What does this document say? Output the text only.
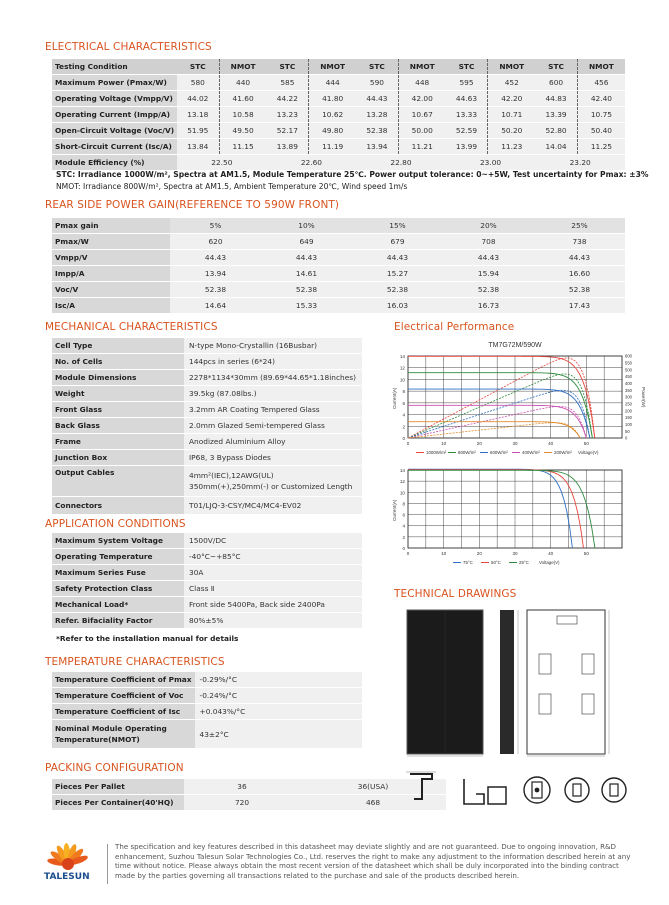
ELECTRICAL CHARACTERISTICS
Testing Condition	STC	NMOT	STC	NMOT	STC	NMOT	STC	NMOT	STC	NMOT
Maximum Power (Pmax/W)	580	440	585	444	590	448	595	452	600	456
Operating Voltage (Vmpp/V)	44.02	41.60	44.22	41.80	44.43	42.00	44.63	42.20	44.83	42.40
Operating Current (Impp/A)	13.18	10.58	13.23	10.62	13.28	10.67	13.33	10.71	13.39	10.75
Open-Circuit Voltage (Voc/V)	51.95	49.50	52.17	49.80	52.38	50.00	52.59	50.20	52.80	50.40
Short-Circuit Current (Isc/A)	13.84	11.15	13.89	11.19	13.94	11.21	13.99	11.23	14.04	11.25
Module Efficiency (%)	22.50		22.60		22.80		23.00		23.20	
STC: Irradiance 1000W/m², Spectra at AM1.5, Module Temperature 25℃. Power output tolerance: 0~+5W, Test uncertainty for Pmax: ±3%
NMOT: Irradiance 800W/m², Spectra at AM1.5, Ambient Temperature 20℃, Wind speed 1m/s
REAR SIDE POWER GAIN(REFERENCE TO 590W FRONT)
Pmax gain	5%	10%	15%	20%	25%
Pmax/W	620	649	679	708	738
Vmpp/V	44.43	44.43	44.43	44.43	44.43
Impp/A	13.94	14.61	15.27	15.94	16.60
Voc/V	52.38	52.38	52.38	52.38	52.38
Isc/A	14.64	15.33	16.03	16.73	17.43
MECHANICAL CHARACTERISTICS
Cell Type	N-type Mono-Crystallin (16Busbar)
No. of Cells	144pcs in series (6*24)
Module Dimensions	2278*1134*30mm (89.69*44.65*1.18inches)
Weight	39.5kg (87.08lbs.)
Front Glass	3.2mm AR Coating Tempered Glass
Back Glass	2.0mm Glazed Semi-tempered Glass
Frame	Anodized Aluminium Alloy
Junction Box	IP68, 3 Bypass Diodes
Output Cables	4mm²(IEC),12AWG(UL)
350mm(+),250mm(-) or Customized Length

Connectors	T01/LJQ-3-CSY/MC4/MC4-EV02
APPLICATION CONDITIONS
Maximum System Voltage	1500V/DC
Operating Temperature	-40°C~+85°C
Maximum Series Fuse	30A
Safety Protection Class	Class Ⅱ
Mechanical Load*	Front side 5400Pa, Back side 2400Pa
Refer. Bifaciality Factor	80%±5%
*Refer to the installation manual for details
TEMPERATURE CHARACTERISTICS
Temperature Coefficient of Pmax	-0.29%/°C
Temperature Coefficient of Voc	-0.24%/°C
Temperature Coefficient of Isc	+0.043%/°C

Nominal Module Operating
Temperature(NMOT)	43±2°C
PACKING CONFIGURATION
Pieces Per Pallet	36	36(USA)
Pieces Per Container(40'HQ)	720	468
Electrical Performance
TM7G72M/590W
0
2
4
6
8
10
12
14
0	10	20	30	40	50
Current(A)
0
50
100
150
200
250
300
350
400
450
500
550
600
Power(W)
1000W/m²	800W/m²	600W/m²	400W/m²	200W/m² Voltage(V)
0
2
4
6
8
10
12
14
0	10	20	30	40	50
Current(A)
75°C	50°C	25°C Voltage(V)
TECHNICAL DRAWINGS
TALESUN
The specification and key features described in this datasheet may deviate slightly and are not guaranteed. Due to ongoing innovation, R&D enhancement, Suzhou Talesun Solar Technologies Co., Ltd. reserves the right to make any adjustment to the information described herein at any time without notice. Please always obtain the most recent version of the datasheet which shall be duly incorporated into the binding contract made by the parties governing all transactions related to the purchase and sale of the products described herein.
